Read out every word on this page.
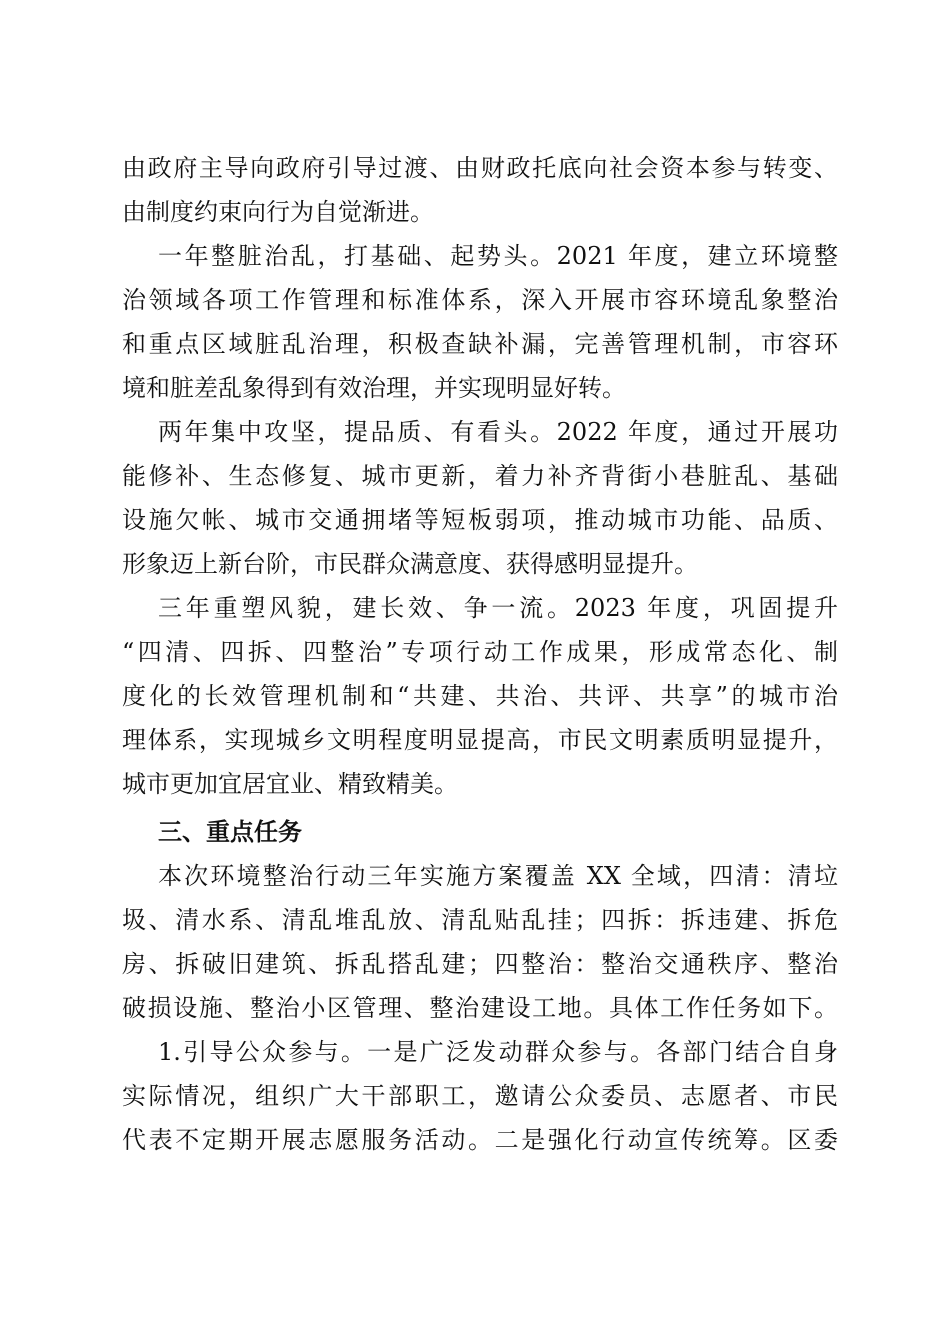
由政府主导向政府引导过渡、由财政托底向社会资本参与转变、
由制度约束向行为自觉渐进。
一年整脏治乱，打基础、起势头。2021 年度，建立环境整
治领域各项工作管理和标准体系，深入开展市容环境乱象整治
和重点区域脏乱治理，积极查缺补漏，完善管理机制，市容环
境和脏差乱象得到有效治理，并实现明显好转。
两年集中攻坚，提品质、有看头。2022 年度，通过开展功
能修补、生态修复、城市更新，着力补齐背街小巷脏乱、基础
设施欠帐、城市交通拥堵等短板弱项，推动城市功能、品质、
形象迈上新台阶，市民群众满意度、获得感明显提升。
三年重塑风貌，建长效、争一流。2023 年度，巩固提升
“四清、四拆、四整治”专项行动工作成果，形成常态化、制
度化的长效管理机制和“共建、共治、共评、共享”的城市治
理体系，实现城乡文明程度明显提高，市民文明素质明显提升，
城市更加宜居宜业、精致精美。
三、重点任务
本次环境整治行动三年实施方案覆盖 XX 全域，四清：清垃
圾、清水系、清乱堆乱放、清乱贴乱挂；四拆：拆违建、拆危
房、拆破旧建筑、拆乱搭乱建；四整治：整治交通秩序、整治
破损设施、整治小区管理、整治建设工地。具体工作任务如下。
1.引导公众参与。一是广泛发动群众参与。各部门结合自身
实际情况，组织广大干部职工，邀请公众委员、志愿者、市民
代表不定期开展志愿服务活动。二是强化行动宣传统筹。区委
